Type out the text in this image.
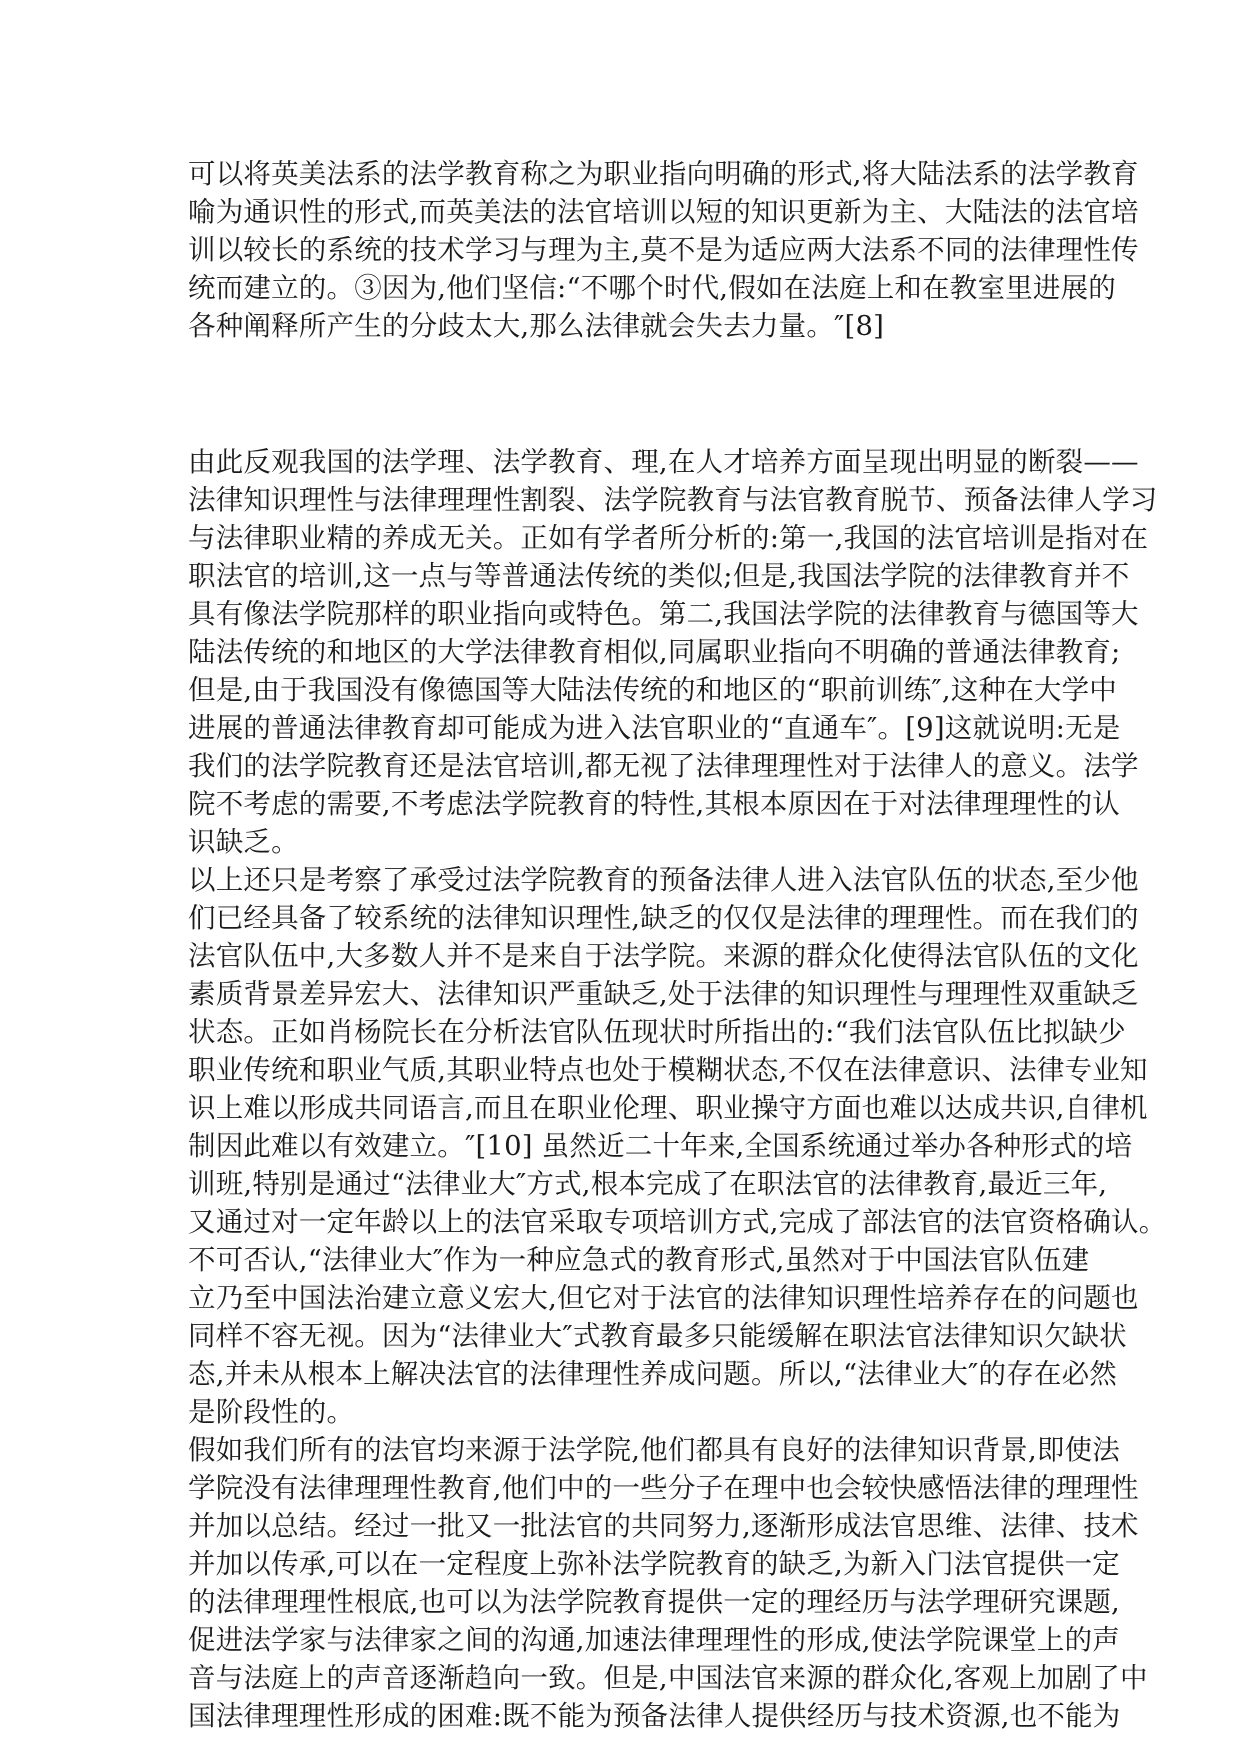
可以将英美法系的法学教育称之为职业指向明确的形式,将大陆法系的法学教育

喻为通识性的形式,而英美法的法官培训以短的知识更新为主、大陆法的法官培

训以较长的系统的技术学习与理为主,莫不是为适应两大法系不同的法律理性传

统而建立的。③因为,他们坚信:“不哪个时代,假如在法庭上和在教室里进展的

各种阐释所产生的分歧太大,那么法律就会失去力量。″[8]

由此反观我国的法学理、法学教育、理,在人才培养方面呈现出明显的断裂——

法律知识理性与法律理理性割裂、法学院教育与法官教育脱节、预备法律人学习

与法律职业精的养成无关。正如有学者所分析的:第一,我国的法官培训是指对在

职法官的培训,这一点与等普通法传统的类似;但是,我国法学院的法律教育并不

具有像法学院那样的职业指向或特色。第二,我国法学院的法律教育与德国等大

陆法传统的和地区的大学法律教育相似,同属职业指向不明确的普通法律教育;

但是,由于我国没有像德国等大陆法传统的和地区的“职前训练″,这种在大学中

进展的普通法律教育却可能成为进入法官职业的“直通车″。[9]这就说明:无是

我们的法学院教育还是法官培训,都无视了法律理理性对于法律人的意义。法学

院不考虑的需要,不考虑法学院教育的特性,其根本原因在于对法律理理性的认

识缺乏。

以上还只是考察了承受过法学院教育的预备法律人进入法官队伍的状态,至少他

们已经具备了较系统的法律知识理性,缺乏的仅仅是法律的理理性。而在我们的

法官队伍中,大多数人并不是来自于法学院。来源的群众化使得法官队伍的文化

素质背景差异宏大、法律知识严重缺乏,处于法律的知识理性与理理性双重缺乏

状态。正如肖杨院长在分析法官队伍现状时所指出的:“我们法官队伍比拟缺少

职业传统和职业气质,其职业特点也处于模糊状态,不仅在法律意识、法律专业知

识上难以形成共同语言,而且在职业伦理、职业操守方面也难以达成共识,自律机

制因此难以有效建立。″[10] 虽然近二十年来,全国系统通过举办各种形式的培

训班,特别是通过“法律业大″方式,根本完成了在职法官的法律教育,最近三年,

又通过对一定年龄以上的法官采取专项培训方式,完成了部法官的法官资格确认。

不可否认,“法律业大″作为一种应急式的教育形式,虽然对于中国法官队伍建

立乃至中国法治建立意义宏大,但它对于法官的法律知识理性培养存在的问题也

同样不容无视。因为“法律业大″式教育最多只能缓解在职法官法律知识欠缺状

态,并未从根本上解决法官的法律理性养成问题。所以,“法律业大″的存在必然

是阶段性的。

假如我们所有的法官均来源于法学院,他们都具有良好的法律知识背景,即使法

学院没有法律理理性教育,他们中的一些分子在理中也会较快感悟法律的理理性

并加以总结。经过一批又一批法官的共同努力,逐渐形成法官思维、法律、技术

并加以传承,可以在一定程度上弥补法学院教育的缺乏,为新入门法官提供一定

的法律理理性根底,也可以为法学院教育提供一定的理经历与法学理研究课题,

促进法学家与法律家之间的沟通,加速法律理理性的形成,使法学院课堂上的声

音与法庭上的声音逐渐趋向一致。但是,中国法官来源的群众化,客观上加剧了中

国法律理理性形成的困难:既不能为预备法律人提供经历与技术资源,也不能为
